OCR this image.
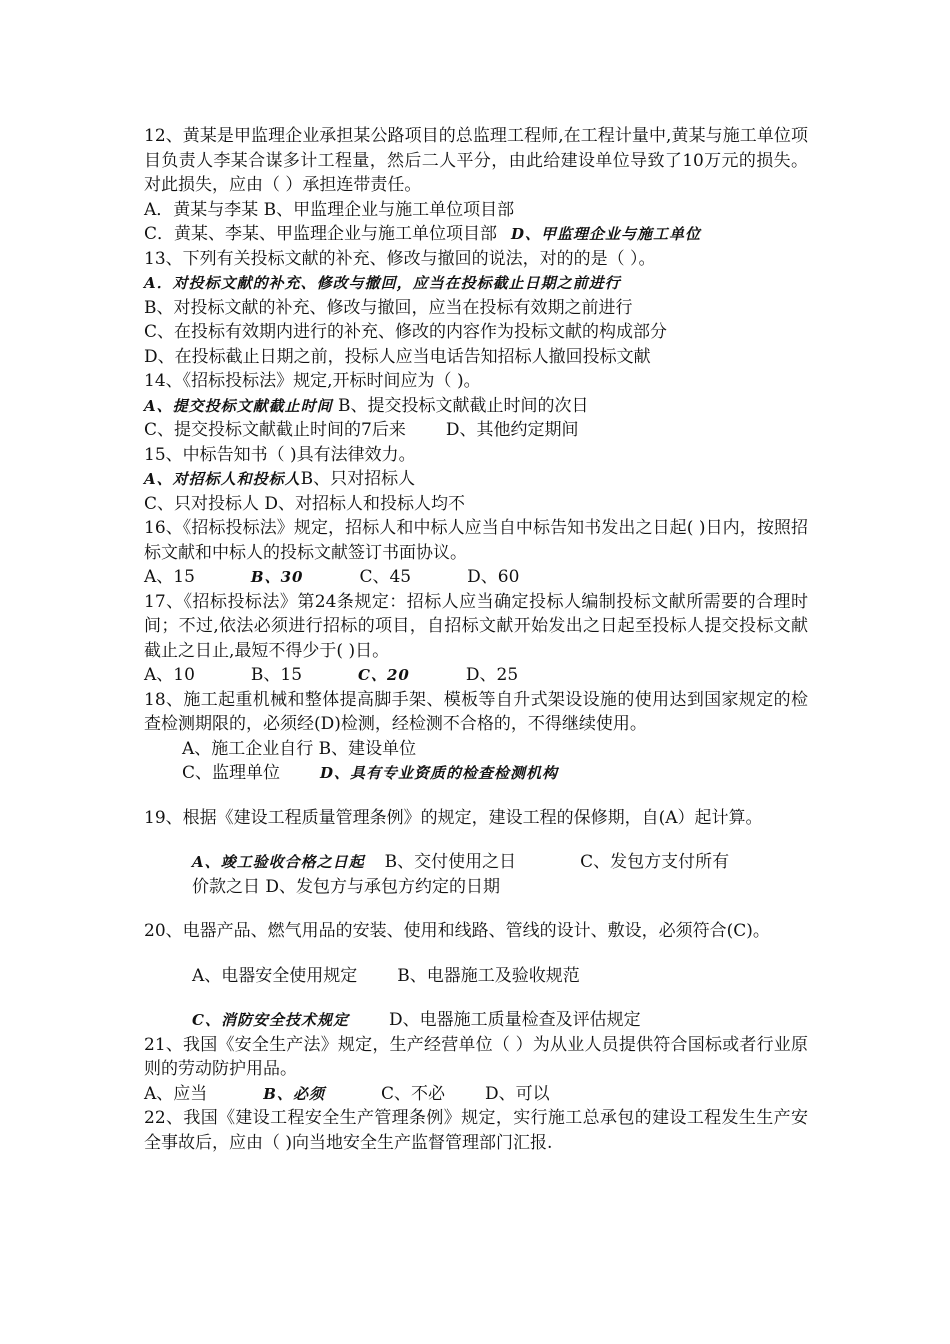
12、黄某是甲监理企业承担某公路项目的总监理工程师,在工程计量中,黄某与施工单位项目负责人李某合谋多计工程量，然后二人平分，由此给建设单位导致了10万元的损失。对此损失，应由（ ）承担连带责任。
A．黄某与李某 B、甲监理企业与施工单位项目部
C．黄某、李某、甲监理企业与施工单位项目部 D、甲监理企业与施工单位
13、下列有关投标文献的补充、修改与撤回的说法，对的的是（ ）。
A．对投标文献的补充、修改与撤回，应当在投标截止日期之前进行
B、对投标文献的补充、修改与撤回，应当在投标有效期之前进行
C、在投标有效期内进行的补充、修改的内容作为投标文献的构成部分
D、在投标截止日期之前，投标人应当电话告知招标人撤回投标文献
14、《招标投标法》规定,开标时间应为（ )。
A、提交投标文献截止时间 B、提交投标文献截止时间的次日
C、提交投标文献截止时间的7后来 D、其他约定期间
15、中标告知书（ )具有法律效力。
A、对招标人和投标人B、只对招标人
C、只对投标人 D、对招标人和投标人均不
16、《招标投标法》规定，招标人和中标人应当自中标告知书发出之日起( )日内，按照招标文献和中标人的投标文献签订书面协议。
A、15	B、30	C、45	D、60
17、《招标投标法》第24条规定：招标人应当确定投标人编制投标文献所需要的合理时间；不过,依法必须进行招标的项目，自招标文献开始发出之日起至投标人提交投标文献截止之日止,最短不得少于( )日。
A、10	B、15	C、20	D、25
18、施工起重机械和整体提高脚手架、模板等自升式架设设施的使用达到国家规定的检查检测期限的，必须经(D)检测，经检测不合格的，不得继续使用。
A、施工企业自行 B、建设单位
C、监理单位	D、具有专业资质的检查检测机构
19、根据《建设工程质量管理条例》的规定，建设工程的保修期，自(A）起计算。
A、竣工验收合格之日起 B、交付使用之日	C、发包方支付所有
价款之日 D、发包方与承包方约定的日期
20、电器产品、燃气用品的安装、使用和线路、管线的设计、敷设，必须符合(C)。
A、电器安全使用规定 B、电器施工及验收规范
C、消防安全技术规定 D、电器施工质量检查及评估规定
21、我国《安全生产法》规定，生产经营单位（ ）为从业人员提供符合国标或者行业原则的劳动防护用品。
A、应当	B、必须	C、不必 D、可以
22、我国《建设工程安全生产管理条例》规定，实行施工总承包的建设工程发生生产安全事故后，应由（ )向当地安全生产监督管理部门汇报.
